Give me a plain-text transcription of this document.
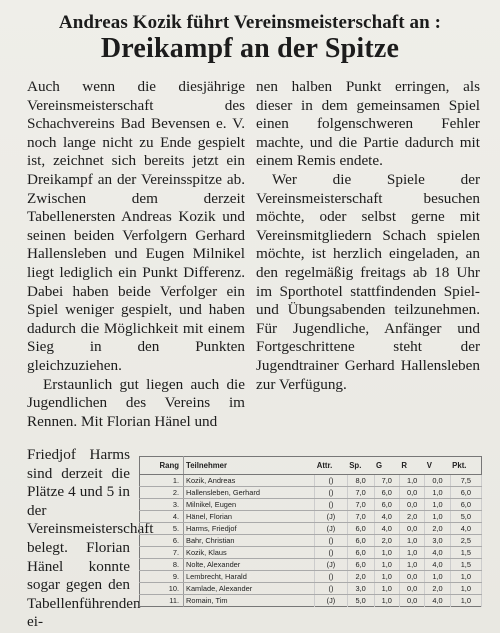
Andreas Kozik führt Vereinsmeisterschaft an :
Dreikampf an der Spitze

Auch wenn die diesjährige Vereinsmeisterschaft des Schachvereins Bad Bevensen e. V. noch lange nicht zu Ende gespielt ist, zeichnet sich bereits jetzt ein Dreikampf an der Vereinsspitze ab. Zwischen dem derzeit Tabellenersten Andreas Kozik und seinen beiden Verfolgern Gerhard Hallensleben und Eugen Milnikel liegt lediglich ein Punkt Differenz. Dabei haben beide Verfolger ein Spiel weniger gespielt, und haben dadurch die Möglichkeit mit einem Sieg in den Punkten gleichzuziehen.

Erstaunlich gut liegen auch die Jugendlichen des Vereins im Rennen. Mit Florian Hänel und

Friedjof Harms sind derzeit die Plätze 4 und 5 in der Vereinsmeisterschaft belegt. Florian Hänel konnte sogar gegen den Tabellenführenden ei-

nen halben Punkt erringen, als dieser in dem gemeinsamen Spiel einen folgenschweren Fehler machte, und die Partie dadurch mit einem Remis endete.

Wer die Spiele der Vereinsmeisterschaft besuchen möchte, oder selbst gerne mit Vereinsmitgliedern Schach spielen möchte, ist herzlich eingeladen, an den regelmäßig freitags ab 18 Uhr im Sporthotel stattfindenden Spiel- und Übungsabenden teilzunehmen. Für Jugendliche, Anfänger und Fortgeschrittene steht der Jugendtrainer Gerhard Hallensleben zur Verfügung.

Rang	Teilnehmer	Attr.	Sp.	G	R	V	Pkt.
1.	Kozik, Andreas	()	8,0	7,0	1,0	0,0	7,5
2.	Hallensleben, Gerhard	()	7,0	6,0	0,0	1,0	6,0
3.	Milnikel, Eugen	()	7,0	6,0	0,0	1,0	6,0
4.	Hänel, Florian	(J)	7,0	4,0	2,0	1,0	5,0
5.	Harms, Friedjof	(J)	6,0	4,0	0,0	2,0	4,0
6.	Bahr, Christian	()	6,0	2,0	1,0	3,0	2,5
7.	Kozik, Klaus	()	6,0	1,0	1,0	4,0	1,5
8.	Nolte, Alexander	(J)	6,0	1,0	1,0	4,0	1,5
9.	Lembrecht, Harald	()	2,0	1,0	0,0	1,0	1,0
10.	Kamlade, Alexander	()	3,0	1,0	0,0	2,0	1,0
11.	Romain, Tim	(J)	5,0	1,0	0,0	4,0	1,0
